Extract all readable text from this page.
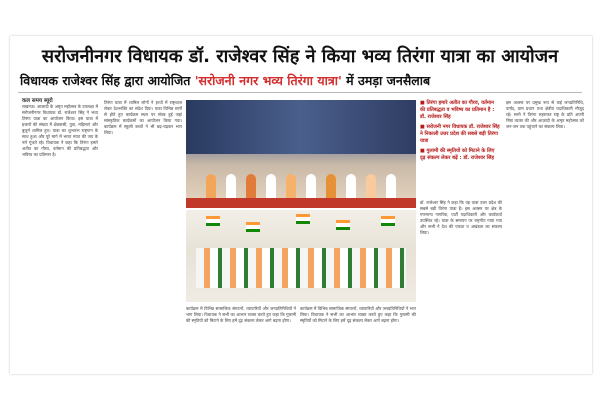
सरोजनीनगर विधायक डॉ. राजेश्वर सिंह ने किया भव्य तिरंगा यात्रा का आयोजन
विधायक राजेश्वर सिंह द्वारा आयोजित 'सरोजनी नगर भव्य तिरंगा यात्रा' में उमड़ा जनसैलाब
कल समय ब्यूरो

लखनऊ। आज़ादी के अमृत महोत्सव के उपलक्ष्य में सरोजनीनगर विधायक डॉ. राजेश्वर सिंह ने भव्य तिरंगा यात्रा का आयोजन किया। इस यात्रा में हजारों की संख्या में क्षेत्रवासी, युवा, महिलाएं और बुजुर्ग शामिल हुए। यात्रा का शुभारंभ राष्ट्रगान के साथ हुआ और पूरे मार्ग में भारत माता की जय के नारे गूंजते रहे। विधायक ने कहा कि तिरंगा हमारे अतीत का गौरव, वर्तमान की प्रतिबद्धता और भविष्य का प्रतिमान है।

तिरंगा यात्रा में शामिल लोगों ने हाथों में राष्ट्रध्वज लेकर देशभक्ति का संदेश दिया। यात्रा विभिन्न मार्गों से होते हुए कार्यक्रम स्थल पर संपन्न हुई जहां सांस्कृतिक कार्यक्रमों का आयोजन किया गया। कार्यक्रम में स्कूली बच्चों ने भी बढ़-चढ़कर भाग लिया।

■ तिरंगा हमारे अतीत का गौरव, वर्तमान की प्रतिबद्धता व भविष्य का प्रतिमान है : डॉ. राजेश्वर सिंह
■ सरोजनी नगर विधायक डॉ. राजेश्वर सिंह ने निकाली उत्तर प्रदेश की सबसे बड़ी तिरंगा यात्रा
■ गुलामी की स्मृतियों को मिटाने के लिए दृढ़ संकल्प लेकर बढ़ें : डॉ. राजेश्वर सिंह

कार्यक्रम में विभिन्न सामाजिक संगठनों, व्यापारियों और जनप्रतिनिधियों ने भाग लिया। विधायक ने सभी का आभार व्यक्त करते हुए कहा कि गुलामी की स्मृतियों को मिटाने के लिए हमें दृढ़ संकल्प लेकर आगे बढ़ना होगा।

कार्यक्रम में विभिन्न सामाजिक संगठनों, व्यापारियों और जनप्रतिनिधियों ने भाग लिया। विधायक ने सभी का आभार व्यक्त करते हुए कहा कि गुलामी की स्मृतियों को मिटाने के लिए हमें दृढ़ संकल्प लेकर आगे बढ़ना होगा।

डॉ. राजेश्वर सिंह ने कहा कि यह यात्रा उत्तर प्रदेश की सबसे बड़ी तिरंगा यात्रा है। इस अवसर पर क्षेत्र के गणमान्य नागरिक, पार्टी पदाधिकारी और कार्यकर्ता उपस्थित रहे। यात्रा के समापन पर राष्ट्रगीत गाया गया और सभी ने देश की एकता व अखंडता का संकल्प लिया।

इस अवसर पर प्रमुख रूप से कई जनप्रतिनिधि, पार्षद, ग्राम प्रधान तथा क्षेत्रीय पदाधिकारी मौजूद रहे। सभी ने तिरंगा लहराकर राष्ट्र के प्रति अपनी निष्ठा व्यक्त की और आज़ादी के अमृत महोत्सव को जन-जन तक पहुंचाने का संकल्प लिया।
